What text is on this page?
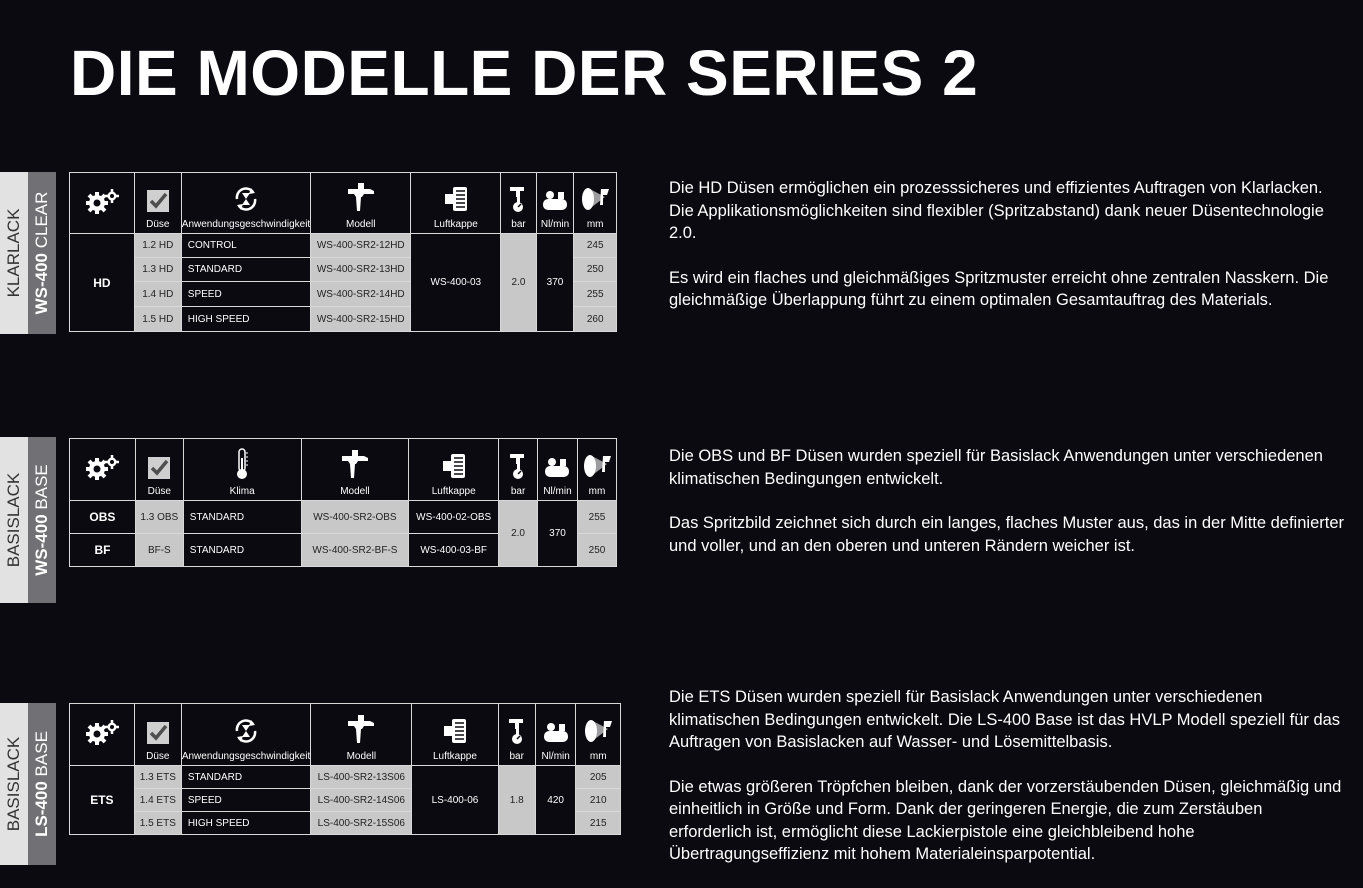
DIE MODELLE DER SERIES 2
KLARLACK WS-400 CLEAR
		Düse	Anwendungsgeschwindigkeit	Modell	Luftkappe	bar	Nl/min	mm
HD	1.2 HD	CONTROL	WS-400-SR2-12HD	WS-400-03	2.0	370	245
	1.3 HD	STANDARD	WS-400-SR2-13HD				250
	1.4 HD	SPEED	WS-400-SR2-14HD				255
	1.5 HD	HIGH SPEED	WS-400-SR2-15HD				260

Die HD Düsen ermöglichen ein prozesssicheres und effizientes Auftragen von Klarlacken. Die Applikationsmöglichkeiten sind flexibler (Spritzabstand) dank neuer Düsentechnologie 2.0.

Es wird ein flaches und gleichmäßiges Spritzmuster erreicht ohne zentralen Nasskern. Die gleichmäßige Überlappung führt zu einem optimalen Gesamtauftrag des Materials.

BASISLACK WS-400 BASE
		Düse	Klima	Modell	Luftkappe	bar	Nl/min	mm
OBS	1.3 OBS	STANDARD	WS-400-SR2-OBS	WS-400-02-OBS	2.0	370	255
BF	BF-S	STANDARD	WS-400-SR2-BF-S	WS-400-03-BF			250

Die OBS und BF Düsen wurden speziell für Basislack Anwendungen unter verschiedenen klimatischen Bedingungen entwickelt.

Das Spritzbild zeichnet sich durch ein langes, flaches Muster aus, das in der Mitte definierter und voller, und an den oberen und unteren Rändern weicher ist.

BASISLACK LS-400 BASE
		Düse	Anwendungsgeschwindigkeit	Modell	Luftkappe	bar	Nl/min	mm
ETS	1.3 ETS	STANDARD	LS-400-SR2-13S06	LS-400-06	1.8	420	205
	1.4 ETS	SPEED	LS-400-SR2-14S06				210
	1.5 ETS	HIGH SPEED	LS-400-SR2-15S06				215

Die ETS Düsen wurden speziell für Basislack Anwendungen unter verschiedenen klimatischen Bedingungen entwickelt. Die LS-400 Base ist das HVLP Modell speziell für das Auftragen von Basislacken auf Wasser- und Lösemittelbasis.

Die etwas größeren Tröpfchen bleiben, dank der vorzerstäubenden Düsen, gleichmäßig und einheitlich in Größe und Form. Dank der geringeren Energie, die zum Zerstäuben erforderlich ist, ermöglicht diese Lackierpistole eine gleichbleibend hohe Übertragungseffizienz mit hohem Materialeinsparpotential.
